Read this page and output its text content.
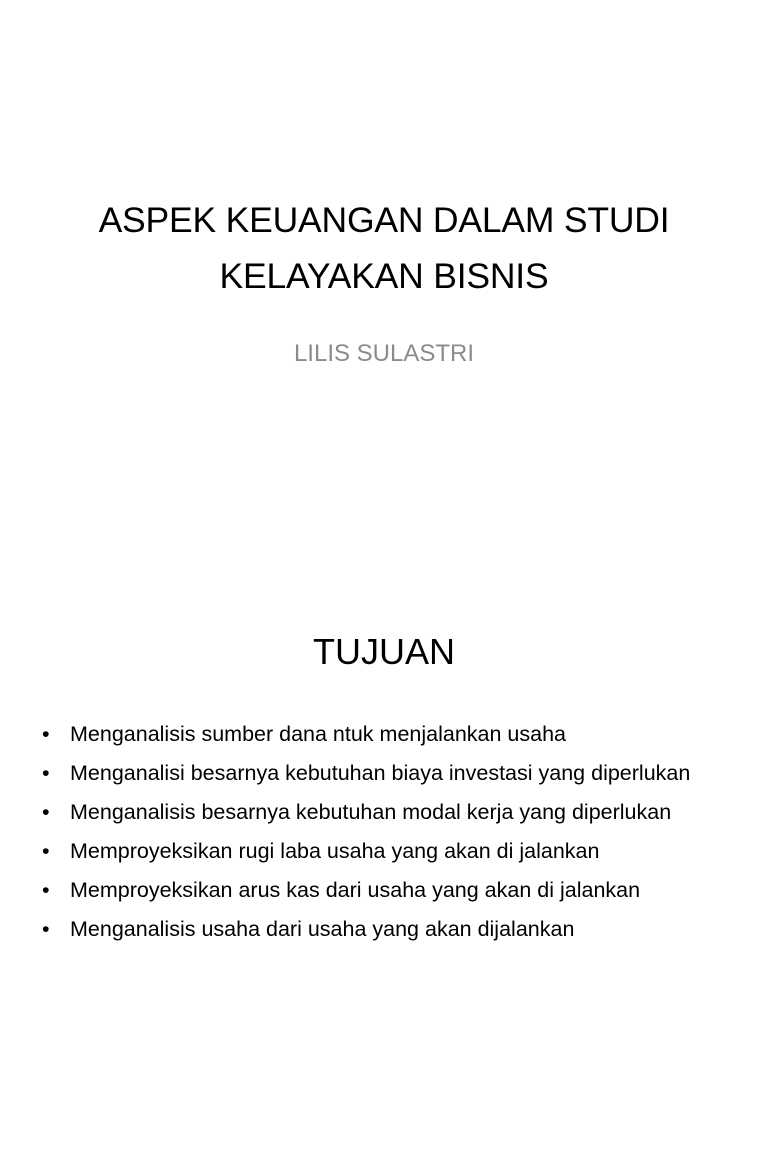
ASPEK KEUANGAN DALAM STUDI KELAYAKAN BISNIS
LILIS SULASTRI
TUJUAN
• Menganalisis sumber dana ntuk menjalankan usaha
• Menganalisi besarnya kebutuhan biaya investasi yang diperlukan
• Menganalisis besarnya kebutuhan modal kerja yang diperlukan
• Memproyeksikan rugi laba usaha yang akan di jalankan
• Memproyeksikan arus kas dari usaha yang akan di jalankan
• Menganalisis usaha dari usaha yang akan dijalankan
